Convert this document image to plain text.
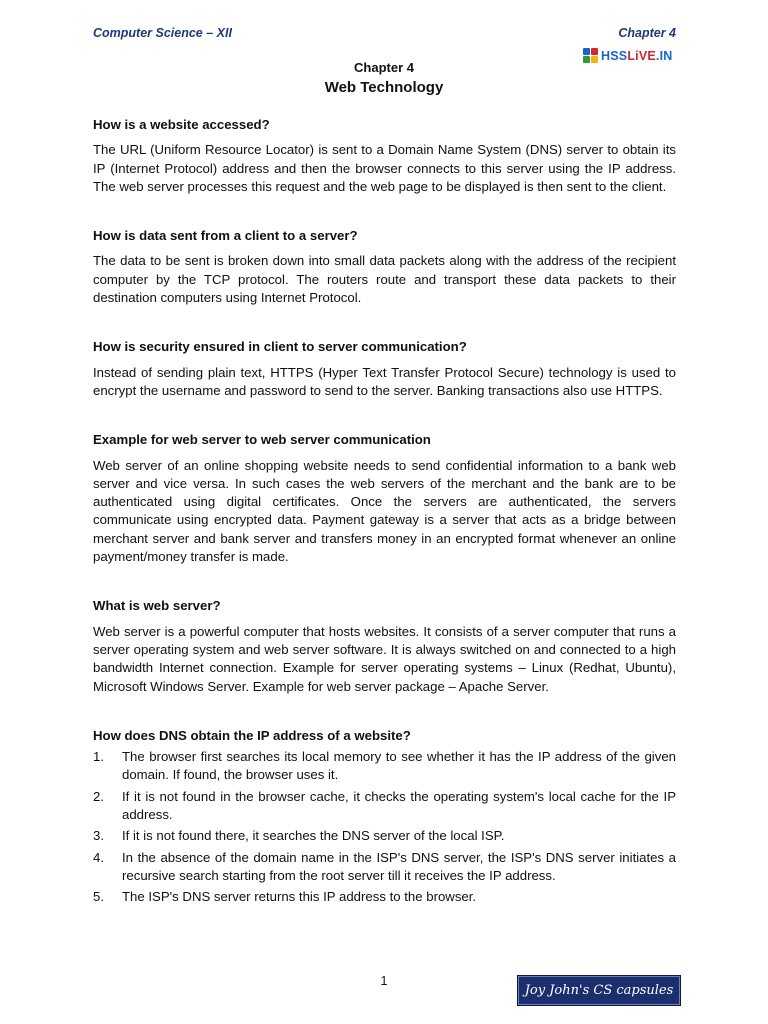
Computer Science – XII	Chapter 4
HSSLiVE.IN
Chapter 4
Web Technology
How is a website accessed?
The URL (Uniform Resource Locator) is sent to a Domain Name System (DNS) server to obtain its IP (Internet Protocol) address and then the browser connects to this server using the IP address. The web server processes this request and the web page to be displayed is then sent to the client.
How is data sent from a client to a server?
The data to be sent is broken down into small data packets along with the address of the recipient computer by the TCP protocol. The routers route and transport these data packets to their destination computers using Internet Protocol.
How is security ensured in client to server communication?
Instead of sending plain text, HTTPS (Hyper Text Transfer Protocol Secure) technology is used to encrypt the username and password to send to the server. Banking transactions also use HTTPS.
Example for web server to web server communication
Web server of an online shopping website needs to send confidential information to a bank web server and vice versa. In such cases the web servers of the merchant and the bank are to be authenticated using digital certificates. Once the servers are authenticated, the servers communicate using encrypted data. Payment gateway is a server that acts as a bridge between merchant server and bank server and transfers money in an encrypted format whenever an online payment/money transfer is made.
What is web server?
Web server is a powerful computer that hosts websites. It consists of a server computer that runs a server operating system and web server software. It is always switched on and connected to a high bandwidth Internet connection. Example for server operating systems – Linux (Redhat, Ubuntu), Microsoft Windows Server. Example for web server package – Apache Server.
How does DNS obtain the IP address of a website?
1. The browser first searches its local memory to see whether it has the IP address of the given domain. If found, the browser uses it.
2. If it is not found in the browser cache, it checks the operating system's local cache for the IP address.
3. If it is not found there, it searches the DNS server of the local ISP.
4. In the absence of the domain name in the ISP's DNS server, the ISP's DNS server initiates a recursive search starting from the root server till it receives the IP address.
5. The ISP's DNS server returns this IP address to the browser.
1
Joy John's CS capsules
